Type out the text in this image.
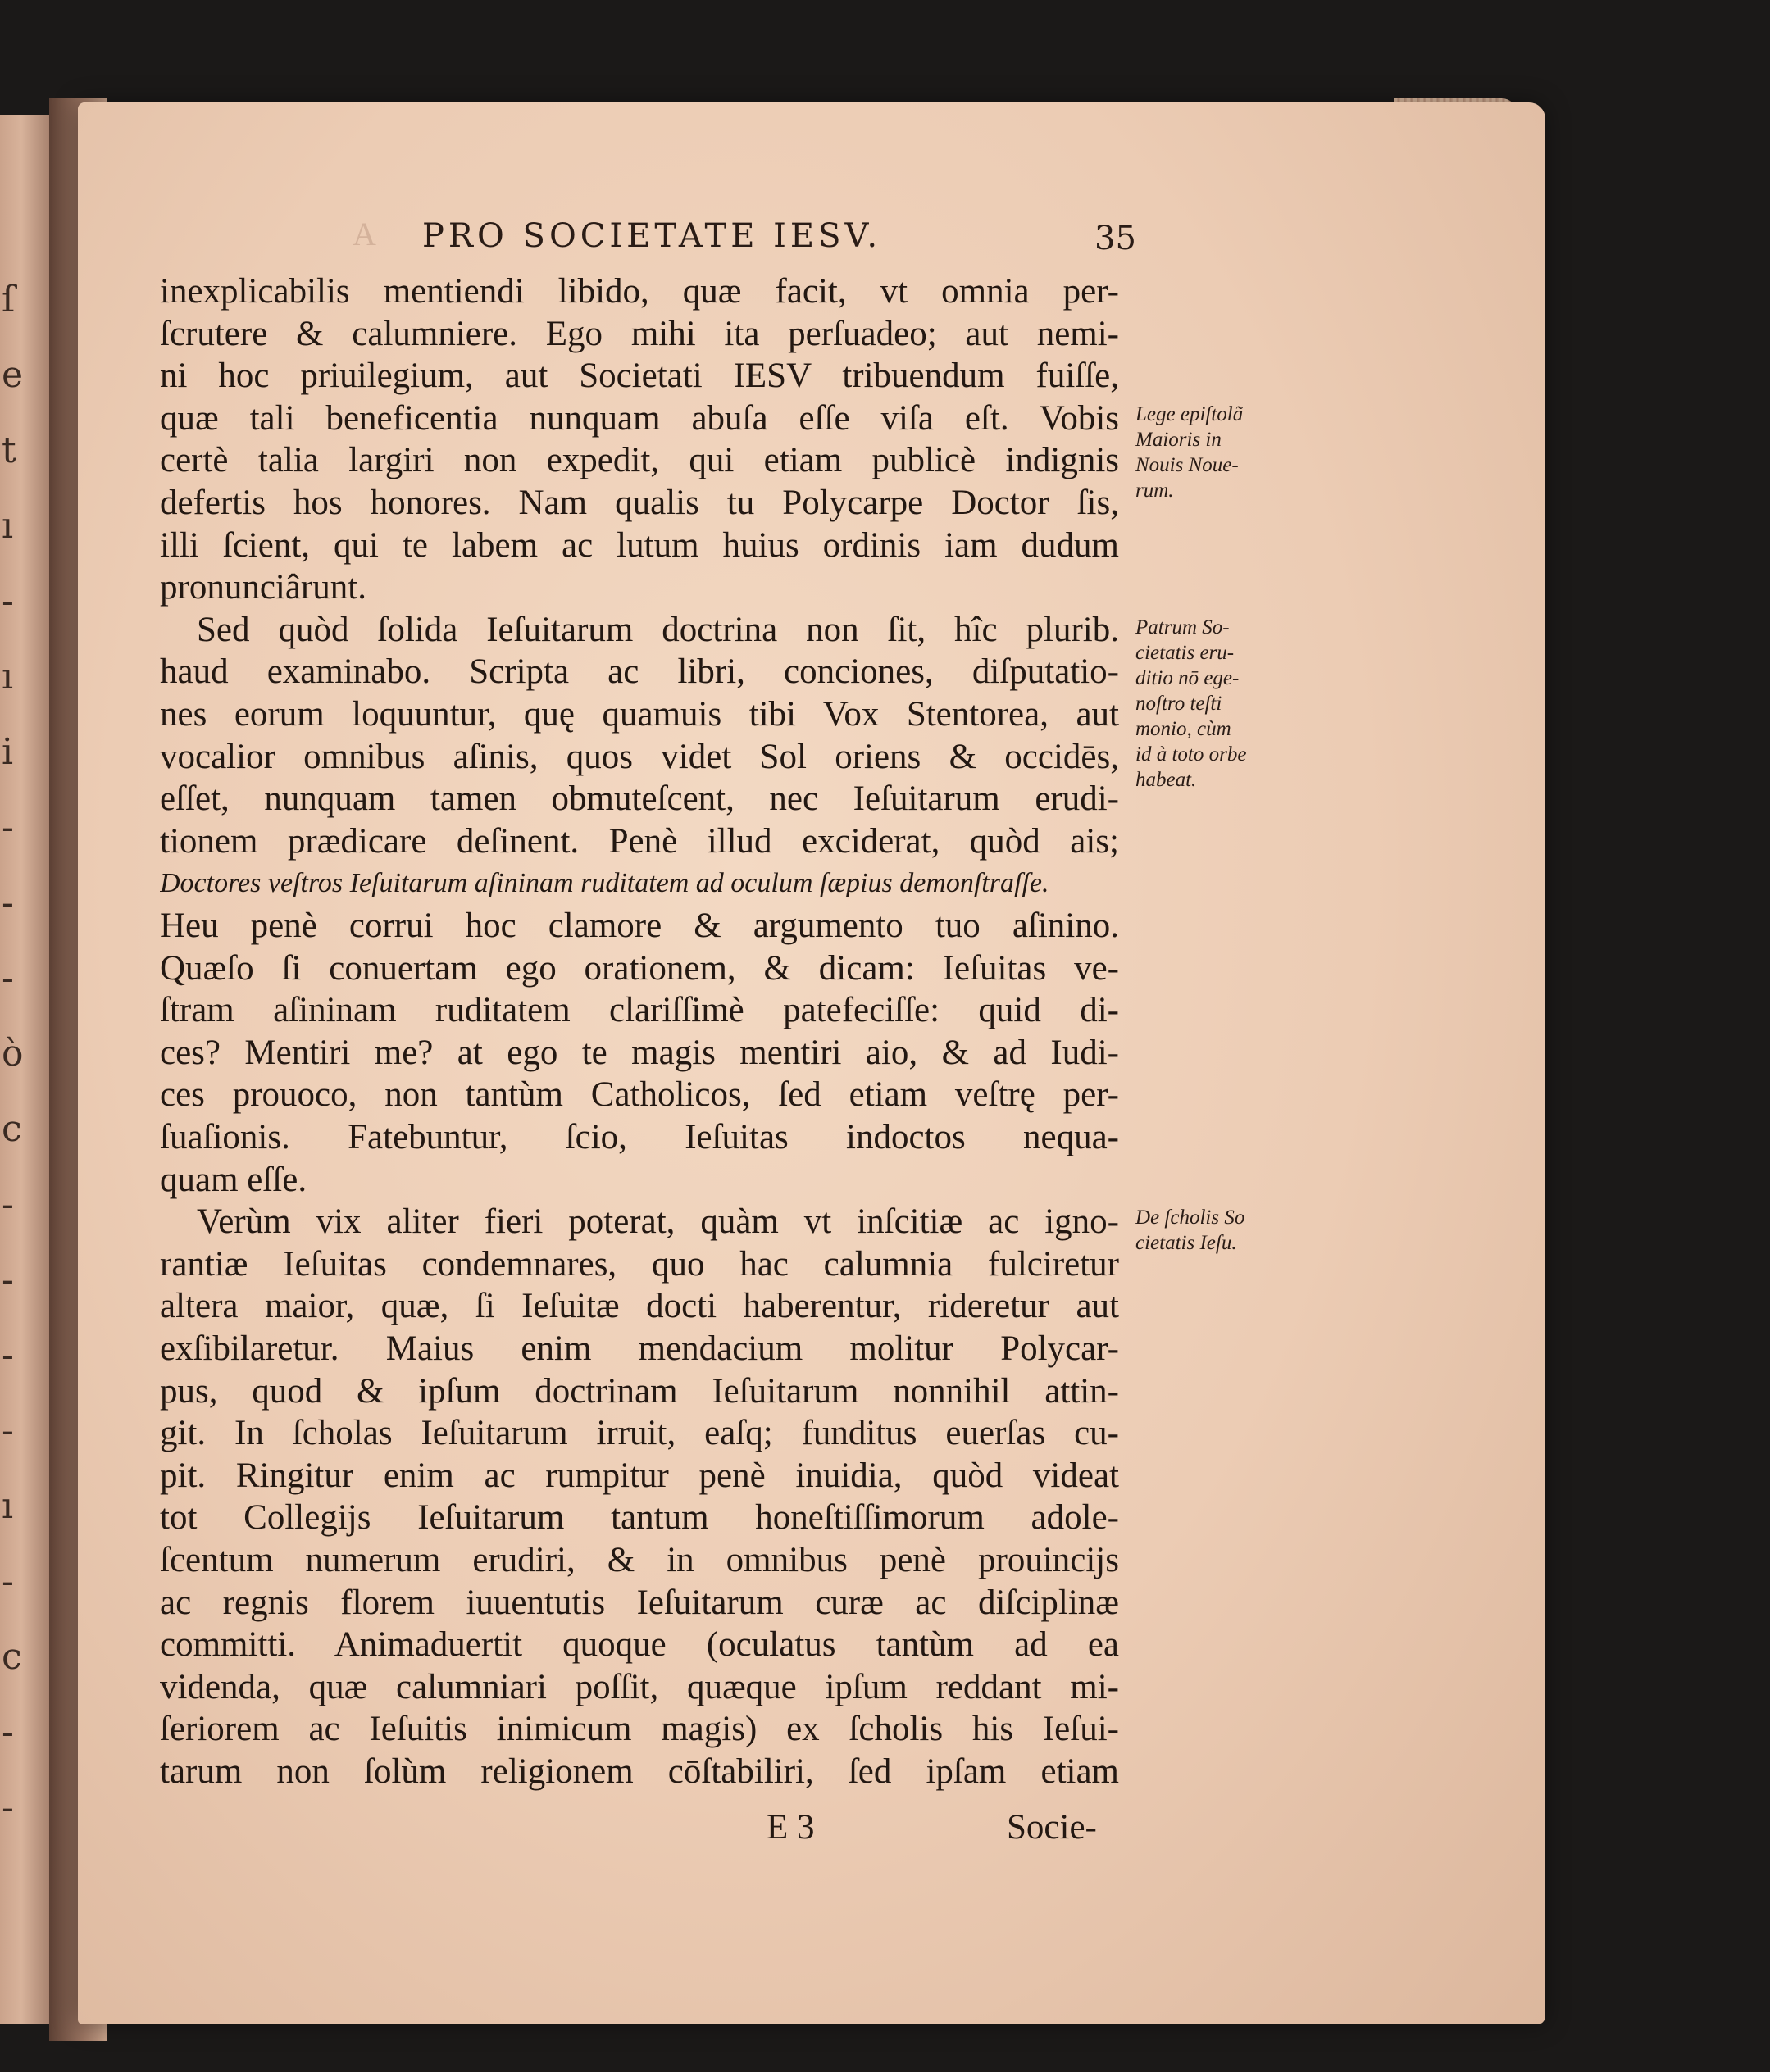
ſ
e
t
ı
-
ı
i
-
-
-
ò
c
-
-
-
-
ı
-
c
-
-
A PRO SOCIETATE IESV.	35
inexplicabilis mentiendi libido, quæ facit, vt omnia per-
ſcrutere & calumniere. Ego mihi ita perſuadeo; aut nemi-
ni hoc priuilegium, aut Societati IESV tribuendum fuiſſe,
quæ tali beneficentia nunquam abuſa eſſe viſa eſt. Vobis
certè talia largiri non expedit, qui etiam publicè indignis
defertis hos honores. Nam qualis tu Polycarpe Doctor ſis,
illi ſcient, qui te labem ac lutum huius ordinis iam dudum
pronunciârunt.
Sed quòd ſolida Ieſuitarum doctrina non ſit, hîc plurib.
haud examinabo. Scripta ac libri, conciones, diſputatio-
nes eorum loquuntur, quę quamuis tibi Vox Stentorea, aut
vocalior omnibus aſinis, quos videt Sol oriens & occidēs,
eſſet, nunquam tamen obmuteſcent, nec Ieſuitarum erudi-
tionem prædicare deſinent. Penè illud exciderat, quòd ais;
Doctores veſtros Ieſuitarum aſininam ruditatem ad oculum ſæpius demonſtraſſe.
Heu penè corrui hoc clamore & argumento tuo aſinino.
Quæſo ſi conuertam ego orationem, & dicam: Ieſuitas ve-
ſtram aſininam ruditatem clariſſimè patefeciſſe: quid di-
ces? Mentiri me? at ego te magis mentiri aio, & ad Iudi-
ces prouoco, non tantùm Catholicos, ſed etiam veſtrę per-
ſuaſionis. Fatebuntur, ſcio, Ieſuitas indoctos nequa-
quam eſſe.
Verùm vix aliter fieri poterat, quàm vt inſcitiæ ac igno-
rantiæ Ieſuitas condemnares, quo hac calumnia fulciretur
altera maior, quæ, ſi Ieſuitæ docti haberentur, rideretur aut
exſibilaretur. Maius enim mendacium molitur Polycar-
pus, quod & ipſum doctrinam Ieſuitarum nonnihil attin-
git. In ſcholas Ieſuitarum irruit, eaſq; funditus euerſas cu-
pit. Ringitur enim ac rumpitur penè inuidia, quòd videat
tot Collegijs Ieſuitarum tantum honeſtiſſimorum adole-
ſcentum numerum erudiri, & in omnibus penè prouincijs
ac regnis florem iuuentutis Ieſuitarum curæ ac diſciplinæ
committi. Animaduertit quoque (oculatus tantùm ad ea
videnda, quæ calumniari poſſit, quæque ipſum reddant mi-
ſeriorem ac Ieſuitis inimicum magis) ex ſcholis his Ieſui-
tarum non ſolùm religionem cōſtabiliri, ſed ipſam etiam
Lege epiſtolã
Maioris in
Nouis Noue-
rum.
Patrum So-
cietatis eru-
ditio nō ege-
noſtro teſti
monio, cùm
id à toto orbe
habeat.
De ſcholis So
cietatis Ieſu.
E 3	Socie-
